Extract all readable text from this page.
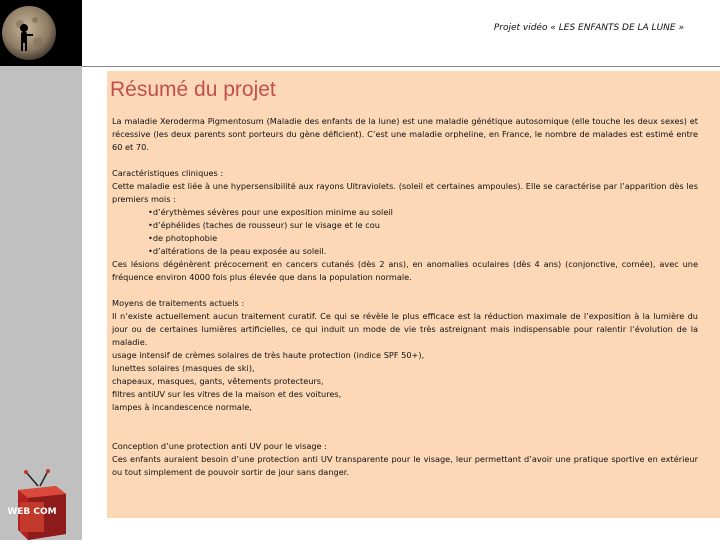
Projet vidéo « LES ENFANTS DE LA LUNE »
Résumé du projet

La maladie Xeroderma Pigmentosum (Maladie des enfants de la lune) est une maladie génétique autosomique (elle touche les deux sexes) et récessive (les deux parents sont porteurs du gène déficient). C’est une maladie orpheline, en France, le nombre de malades est estimé entre 60 et 70.

Caractéristiques cliniques :

Cette maladie est liée à une hypersensibilité aux rayons Ultraviolets. (soleil et certaines ampoules). Elle se caractérise par l’apparition dès les premiers mois :

•d’érythèmes sévères pour une exposition minime au soleil

•d’éphélides (taches de rousseur) sur le visage et le cou

•de photophobie

•d’altérations de la peau exposée au soleil.

Ces lésions dégénèrent précocement en cancers cutanés (dès 2 ans), en anomalies oculaires (dès 4 ans) (conjonctive, cornée), avec une fréquence environ 4000 fois plus élevée que dans la population normale.

Moyens de traitements actuels :

Il n’existe actuellement aucun traitement curatif. Ce qui se révèle le plus efficace est la réduction maximale de l’exposition à la lumière du jour ou de certaines lumières artificielles, ce qui induit un mode de vie très astreignant mais indispensable pour ralentir l’évolution de la maladie.

usage intensif de crèmes solaires de très haute protection (indice SPF 50+),

lunettes solaires (masques de ski),

chapeaux, masques, gants, vêtements protecteurs,

filtres antiUV sur les vitres de la maison et des voitures,

lampes à incandescence normale,

Conception d’une protection anti UV pour le visage :

Ces enfants auraient besoin d’une protection anti UV transparente pour le visage, leur permettant d’avoir une pratique sportive en extérieur ou tout simplement de pouvoir sortir de jour sans danger.

WEB COM
